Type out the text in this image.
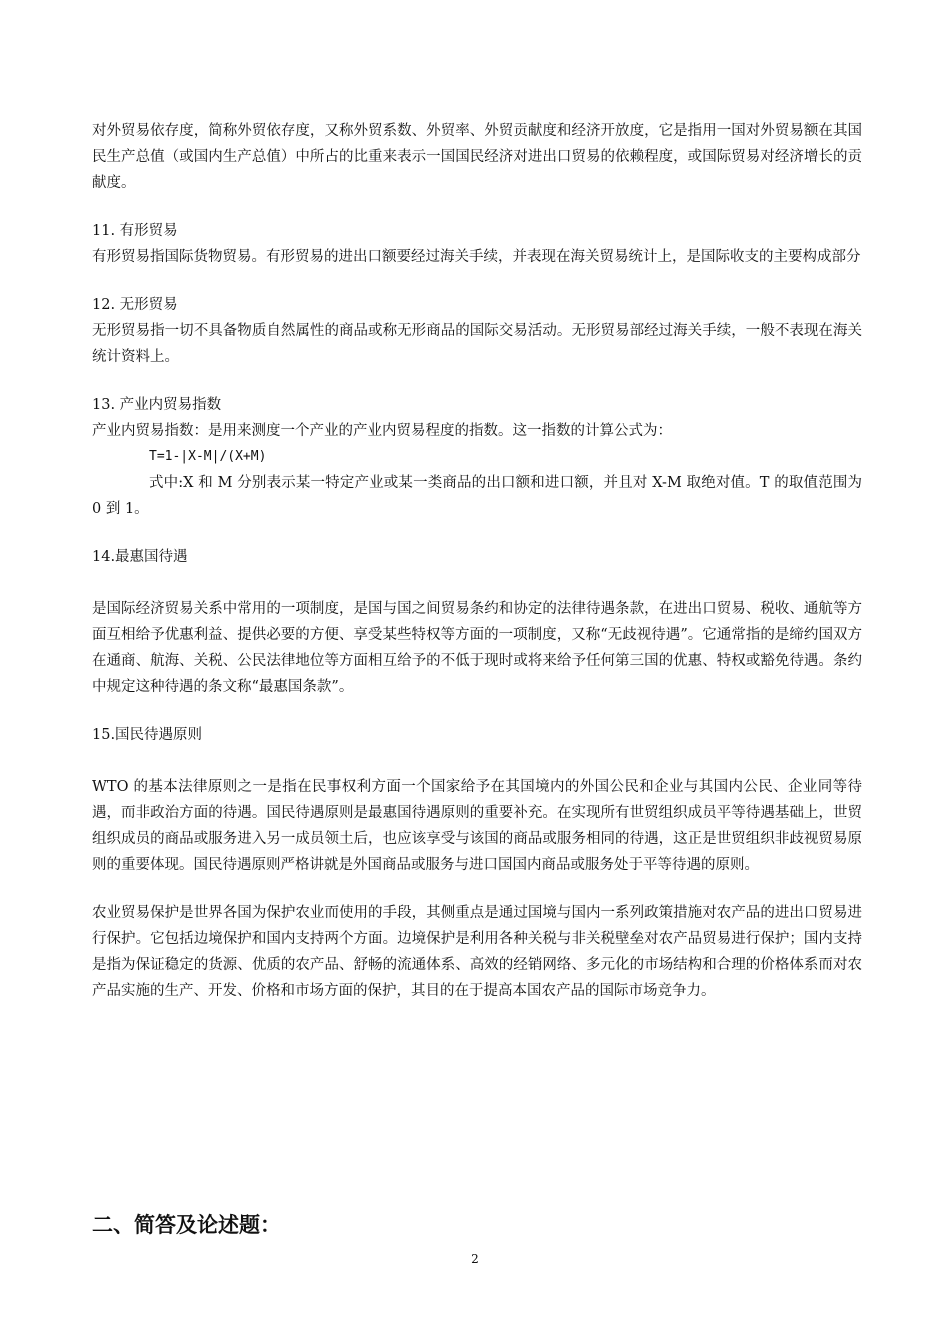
对外贸易依存度，简称外贸依存度，又称外贸系数、外贸率、外贸贡献度和经济开放度，它是指用一国对外贸易额在其国民生产总值（或国内生产总值）中所占的比重来表示一国国民经济对进出口贸易的依赖程度，或国际贸易对经济增长的贡献度。

11. 有形贸易

有形贸易指国际货物贸易。有形贸易的进出口额要经过海关手续，并表现在海关贸易统计上，是国际收支的主要构成部分

12. 无形贸易

无形贸易指一切不具备物质自然属性的商品或称无形商品的国际交易活动。无形贸易部经过海关手续，一般不表现在海关统计资料上。

13. 产业内贸易指数

产业内贸易指数：是用来测度一个产业的产业内贸易程度的指数。这一指数的计算公式为：

T=1-|X-M|/(X+M)

式中:X 和 M 分别表示某一特定产业或某一类商品的出口额和进口额，并且对 X-M 取绝对值。T 的取值范围为 0 到 1。

14.最惠国待遇

是国际经济贸易关系中常用的一项制度，是国与国之间贸易条约和协定的法律待遇条款，在进出口贸易、税收、通航等方面互相给予优惠利益、提供必要的方便、享受某些特权等方面的一项制度，又称“无歧视待遇”。它通常指的是缔约国双方在通商、航海、关税、公民法律地位等方面相互给予的不低于现时或将来给予任何第三国的优惠、特权或豁免待遇。条约中规定这种待遇的条文称“最惠国条款”。

15.国民待遇原则

WTO 的基本法律原则之一是指在民事权利方面一个国家给予在其国境内的外国公民和企业与其国内公民、企业同等待遇，而非政治方面的待遇。国民待遇原则是最惠国待遇原则的重要补充。在实现所有世贸组织成员平等待遇基础上，世贸组织成员的商品或服务进入另一成员领土后，也应该享受与该国的商品或服务相同的待遇，这正是世贸组织非歧视贸易原则的重要体现。国民待遇原则严格讲就是外国商品或服务与进口国国内商品或服务处于平等待遇的原则。

农业贸易保护是世界各国为保护农业而使用的手段，其侧重点是通过国境与国内一系列政策措施对农产品的进出口贸易进行保护。它包括边境保护和国内支持两个方面。边境保护是利用各种关税与非关税壁垒对农产品贸易进行保护；国内支持是指为保证稳定的货源、优质的农产品、舒畅的流通体系、高效的经销网络、多元化的市场结构和合理的价格体系而对农产品实施的生产、开发、价格和市场方面的保护，其目的在于提高本国农产品的国际市场竞争力。

二、简答及论述题：
2
